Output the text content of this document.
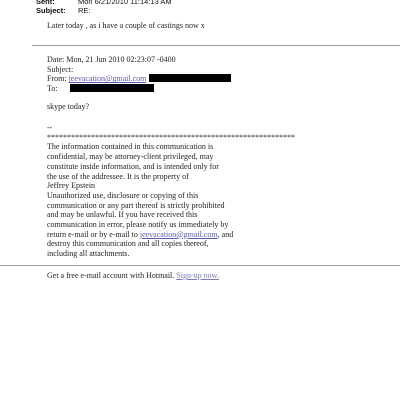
Sent:	Mon 6/21/2010 11:14:13 AM
Subject:	RE:
Later today , as i have a couple of castings now x
Date: Mon, 21 Jun 2010 02:23:07 -0400
Subject:
From: jeevacation@gmail.com
To:
skype today?
--
**************************************************************
The information contained in this communication is
confidential, may be attorney-client privileged, may
constitute inside information, and is intended only for
the use of the addressee. It is the property of
Jeffrey Epstein
Unauthorized use, disclosure or copying of this
communication or any part thereof is strictly prohibited
and may be unlawful. If you have received this
communication in error, please notify us immediately by
return e-mail or by e-mail to jeevacation@gmail.com, and
destroy this communication and all copies thereof,
including all attachments.
Get a free e-mail account with Hotmail. Sign-up now.
